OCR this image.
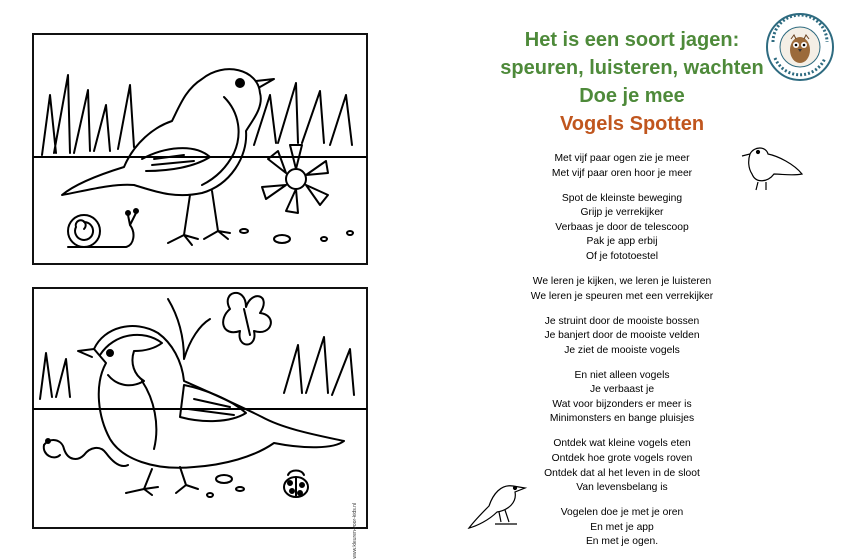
www.kleuren-voor-kids.nl

Het is een soort jagen:

speuren, luisteren, wachten

Doe je mee

Vogels Spotten

Met vijf paar ogen zie je meer
Met vijf paar oren hoor je meer
Spot de kleinste beweging
Grijp je verrekijker
Verbaas je door de telescoop
Pak je app erbij
Of je fototoestel
We leren je kijken, we leren je luisteren
We leren je speuren met een verrekijker
Je struint door de mooiste bossen
Je banjert door de mooiste velden
Je ziet de mooiste vogels
En niet alleen vogels
Je verbaast je
Wat voor bijzonders er meer is
Minimonsters en bange pluisjes
Ontdek wat kleine vogels eten
Ontdek hoe grote vogels roven
Ontdek dat al het leven in de sloot
Van levensbelang is
Vogelen doe je met je oren
En met je app
En met je ogen.
